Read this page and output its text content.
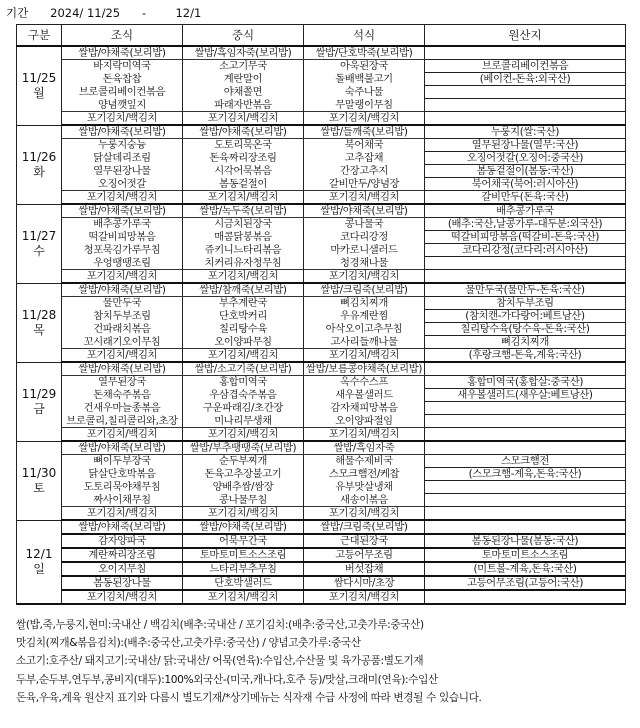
기간 2024/ 11/25 -	12/1
구분	조식	중식	석식	원산지

11/25
월	쌀밥/야채죽(보리밥)	쌀밥/흑임자죽(보리밥)	쌀밥/단호박죽(보리밥)	
	바지락미역국	소고기무국	아욱된장국	브로콜리베이컨볶음
	돈육찹찹	계란말이	돌배백불고기	(베이컨-돈육:외국산)
	브로콜리베이컨볶음	야채쫄면	숙주나물	
	양념깻잎지	파래자반볶음	무말랭이무침	
	포기김치/백김치	포기김치/백김치	포기김치/백김치	

11/26
화	쌀밥/야채죽(보리밥)	쌀밥/야채죽(보리밥)	쌀밥/들깨죽(보리밥)	누룽지(쌀:국산)
	누룽지숭늉	도토리묵온국	북어채국	열무된장나물(열무:국산)
	닭살데리조림	돈육짜리장조림	고추잡채	오징어젓갈(오징어:중국산)
	열무된장나물	시각어묵볶음	간장고추지	봄동겉절이(봄동:국산)
	오징어젓갈	봄동겉절이	갈비만두/양념장	북어채국(북어:러시아산)
	포기김치/백김치	포기김치/백김치	포기김치/백김치	갈비만두(돈육:국산)

11/27
수	쌀밥/야채죽(보리밥)	쌀밥/녹두죽(보리밥)	쌀밥/야채죽(보리밥)	배추콩가루국
	배추콩가루국	시금치된장국	콩나물국	(배추:국산,날콩가루-대두분:외국산)
	떡갈비피망볶음	매콤닭봉볶음	코다리강정	떡갈비피망볶음(떡갈비-돈육:국산)
	청포묵김가루무침	쥬키니느타리볶음	마카로니샐러드	코다리강정(코다리:러시아산)
	우엉땡땡조림	치커리유자청무침	청경채나물	
	포기김치/백김치	포기김치/백김치	포기김치/백김치	

11/28
목	쌀밥/야채죽(보리밥)	쌀밥/참깨죽(보리밥)	쌀밥/크림죽(보리밥)	물만두국(물만두-돈육:국산)
	물만두국	부추계란국	뼈김치찌개	참치두부조림
	참치두부조림	단호박커리	우유계란찜	(참치캔-가다랑어:베트남산)
	건파래치볶음	칠리탕수육	아삭오이고추무침	칠리탕수육(탕수육-돈육:국산)
	꼬시래기오이무침	오이양파무침	고사리들깨나물	뼈김치찌개
	포기김치/백김치	포기김치/백김치	포기김치/백김치	(후랑크햄-돈육,계육:국산)

11/29
금	쌀밥/야채죽(보리밥)	쌀밥/소고기죽(보리밥)	쌀밥/보름콩야채죽(보리밥)	
	열무된장국	홍합미역국	옥수수스프	홍합미역국(홍합살:중국산)
	돈채숙주볶음	우삼겹숙주볶음	새우볼샐러드	새우볼샐러드(새우살:베트남산)
	건새우마늘종볶음	구운파래김/초간장	감자채피망볶음	
	브로콜리,칠리콜리와,초장	미나리무생채	오이양파절임	
	포기김치/백김치	포기김치/백김치	포기김치/백김치	

11/30
토	쌀밥/야채죽(보리밥)	쌀밥/부추땡땡죽(보리밥)	쌀밥/흑임자죽	
	뼈이두부장국	순두부찌개	해물수제비국	스모크햄전
	닭살단호박볶음	돈육고추장불고기	스모크햄전/케찹	(스모크햄-계육,돈육:국산)
	도토리묵야채무침	양배추쌈/쌈장	유부맛살냉채	
	짜사이채무침	콩나물무침	새송이볶음	
	포기김치/백김치	포기김치/백김치	포기김치/백김치	

12/1
일	쌀밥/야채죽(보리밥)	쌀밥/야채죽(보리밥)	쌀밥/크림죽(보리밥)	
	감자양파국	어묵무간국	근대된장국	봄동된장나물(봄동:국산)
	계란짜리장조림	토마토미트소스조림	고등어무조림	토마토미트소스조림
	오이지무침	느타리부추무침	버섯잡채	(미트볼-계육,돈육:국산)
	봄동된장나물	단호박샐러드	쌈다시마/초장	고등어무조림(고등어:국산)
	포기김치/백김치	포기김치/백김치	포기김치/백김치	
쌀(밥,죽,누룽지,현미:국내산 / 백김치(배추:국내산 / 포기김치:(배추:중국산,고춧가루:중국산)
맛김치(찌개&볶음김치):(배추:중국산,고춧가루:중국산) / 양념고춧가루:중국산
소고기:호주산/ 돼지고기:국내산/ 닭:국내산/ 어묵(연육):수입산,수산물 및 육가공품:별도기재
두부,순두부,연두부,콩비지(대두):100%외국산-(미국,캐나다,호주 등)/맛살,크래미(연육):수입산
돈육,우육,계육 원산지 표기와 다름시 별도기재/*상기메뉴는 식자재 수급 사정에 따라 변경될 수 있습니다.
